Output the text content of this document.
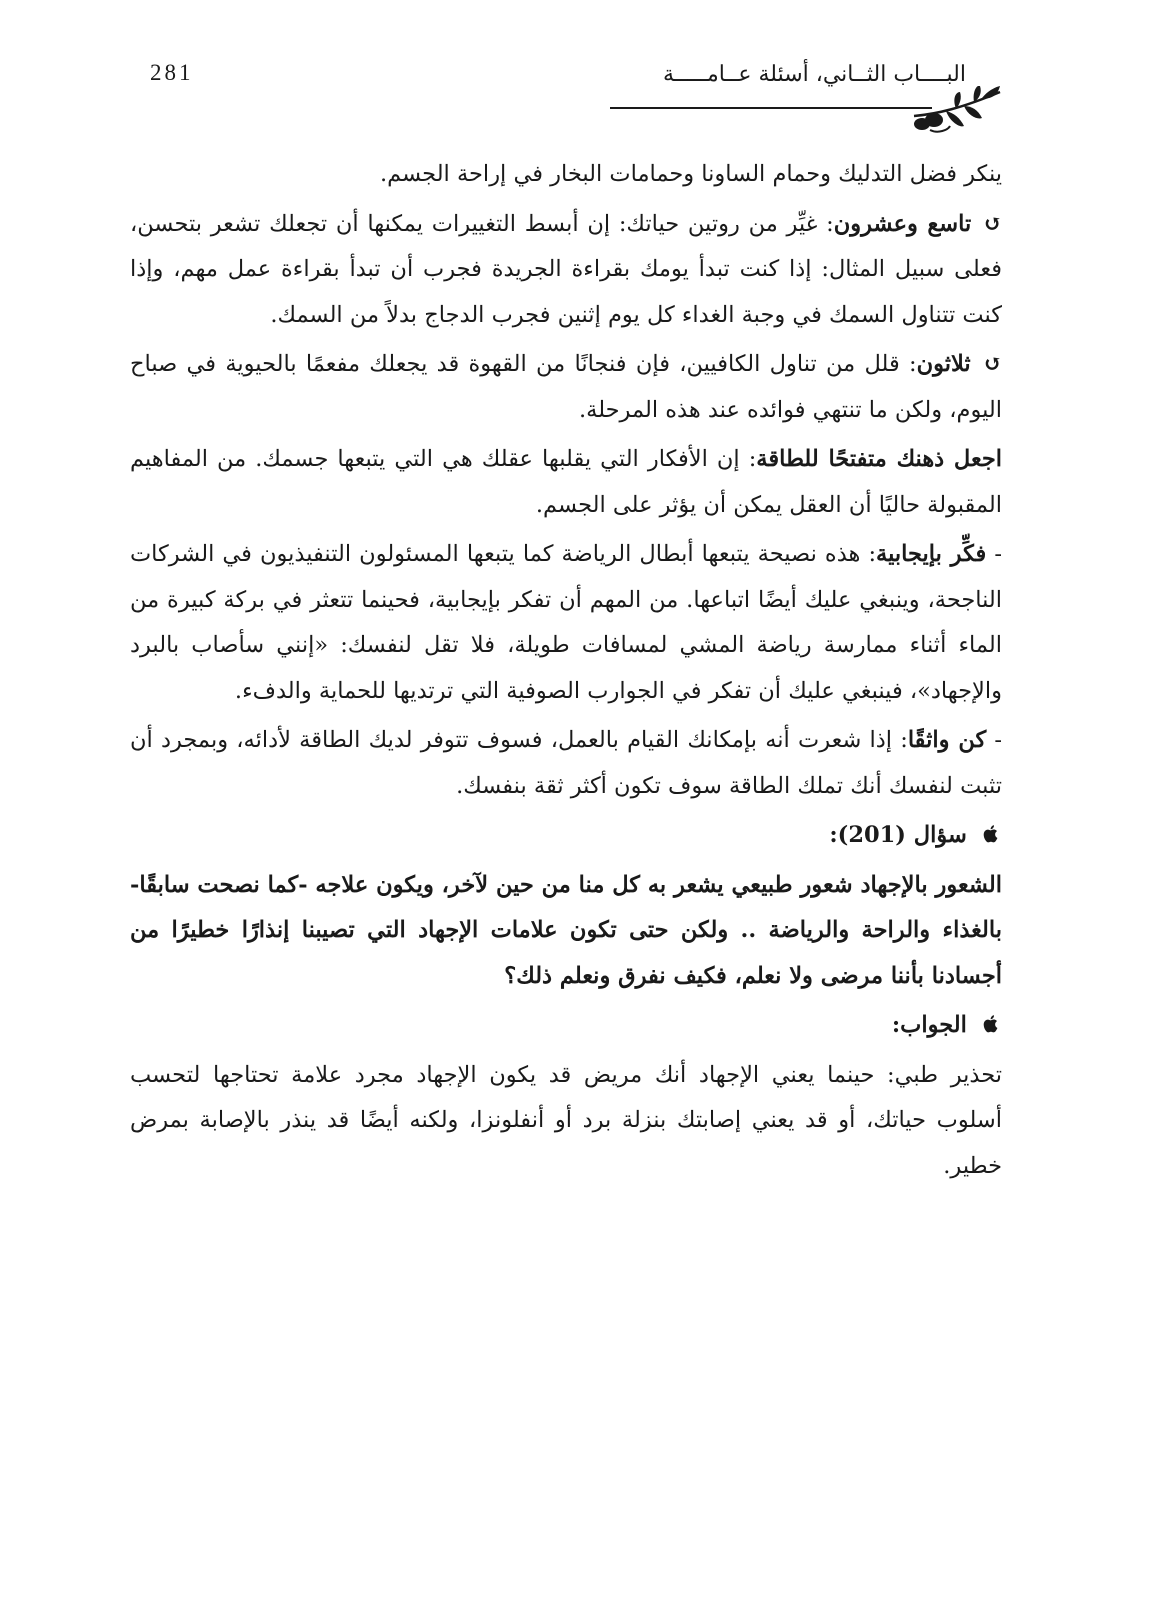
281	البــــاب الثــاني، أسئلة عــامـــــة

ينكر فضل التدليك وحمام الساونا وحمامات البخار في إراحة الجسم.

↺ تاسع وعشرون: غيِّر من روتين حياتك: إن أبسط التغييرات يمكنها أن تجعلك تشعر بتحسن، فعلى سبيل المثال: إذا كنت تبدأ يومك بقراءة الجريدة فجرب أن تبدأ بقراءة عمل مهم، وإذا كنت تتناول السمك في وجبة الغداء كل يوم إثنين فجرب الدجاج بدلاً من السمك.

↺ ثلاثون: قلل من تناول الكافيين، فإن فنجانًا من القهوة قد يجعلك مفعمًا بالحيوية في صباح اليوم، ولكن ما تنتهي فوائده عند هذه المرحلة.

اجعل ذهنك متفتحًا للطاقة: إن الأفكار التي يقلبها عقلك هي التي يتبعها جسمك. من المفاهيم المقبولة حاليًا أن العقل يمكن أن يؤثر على الجسم.

- فكِّر بإيجابية: هذه نصيحة يتبعها أبطال الرياضة كما يتبعها المسئولون التنفيذيون في الشركات الناجحة، وينبغي عليك أيضًا اتباعها. من المهم أن تفكر بإيجابية، فحينما تتعثر في بركة كبيرة من الماء أثناء ممارسة رياضة المشي لمسافات طويلة، فلا تقل لنفسك: «إنني سأصاب بالبرد والإجهاد»، فينبغي عليك أن تفكر في الجوارب الصوفية التي ترتديها للحماية والدفء.

- كن واثقًا: إذا شعرت أنه بإمكانك القيام بالعمل، فسوف تتوفر لديك الطاقة لأدائه، وبمجرد أن تثبت لنفسك أنك تملك الطاقة سوف تكون أكثر ثقة بنفسك.

سؤال (201):

الشعور بالإجهاد شعور طبيعي يشعر به كل منا من حين لآخر، ويكون علاجه -كما نصحت سابقًا- بالغذاء والراحة والرياضة .. ولكن حتى تكون علامات الإجهاد التي تصيبنا إنذارًا خطيرًا من أجسادنا بأننا مرضى ولا نعلم، فكيف نفرق ونعلم ذلك؟

الجواب:

تحذير طبي: حينما يعني الإجهاد أنك مريض قد يكون الإجهاد مجرد علامة تحتاجها لتحسب أسلوب حياتك، أو قد يعني إصابتك بنزلة برد أو أنفلونزا، ولكنه أيضًا قد ينذر بالإصابة بمرض خطير.
